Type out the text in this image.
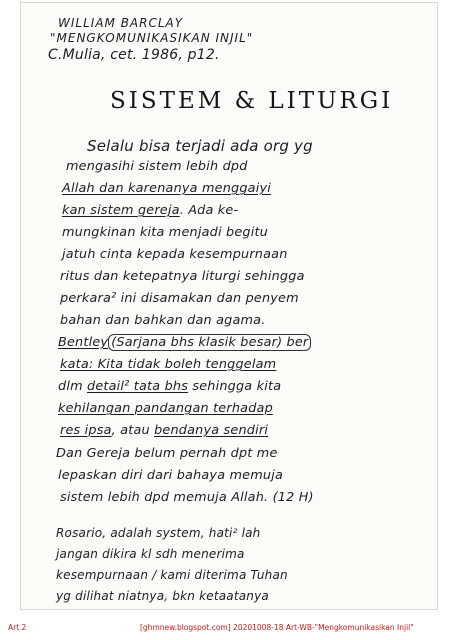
WILLIAM BARCLAY
"MENGKOMUNIKASIKAN INJIL"
C.Mulia, cet. 1986, p12.
SISTEM & LITURGI
Selalu bisa terjadi ada org yg
mengasihi sistem lebih dpd
Allah dan karenanya menggaiyi
kan sistem gereja. Ada ke-
mungkinan kita menjadi begitu
jatuh cinta kepada kesempurnaan
ritus dan ketepatnya liturgi sehingga
perkara² ini disamakan dan penyem
bahan dan bahkan dan agama.
Bentley (Sarjana bhs klasik besar) ber
kata: Kita tidak boleh tenggelam
dlm detail² tata bhs sehingga kita
kehilangan pandangan terhadap
res ipsa, atau bendanya sendiri
Dan Gereja belum pernah dpt me
lepaskan diri dari bahaya memuja
sistem lebih dpd memuja Allah. (12 H)
Rosario, adalah system, hati² lah
jangan dikira kl sdh menerima
kesempurnaan / kami diterima Tuhan
yg dilihat niatnya, bkn ketaatanya
Art 2	[ghmnew.blogspot.com] 20201008-18 Art-WB-"Mengkomunikasikan Injil"
